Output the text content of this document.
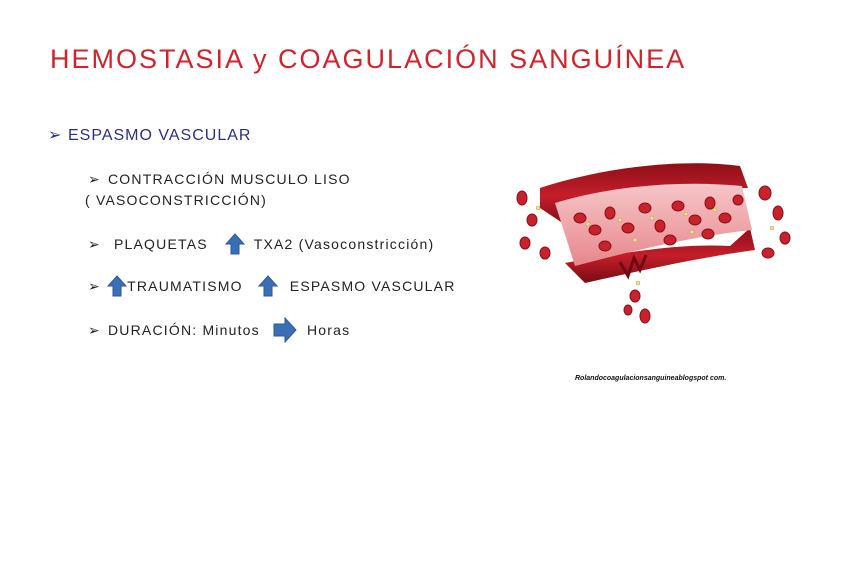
HEMOSTASIA y COAGULACIÓN SANGUÍNEA
➢ ESPASMO VASCULAR
➢ CONTRACCIÓN MUSCULO LISO
( VASOCONSTRICCIÓN)
➢ PLAQUETAS	TXA2 (Vasoconstricción)
➢ TRAUMATISMO	ESPASMO VASCULAR
➢ DURACIÓN: Minutos	Horas
Rolandocoagulacionsanguineablogspot com.
